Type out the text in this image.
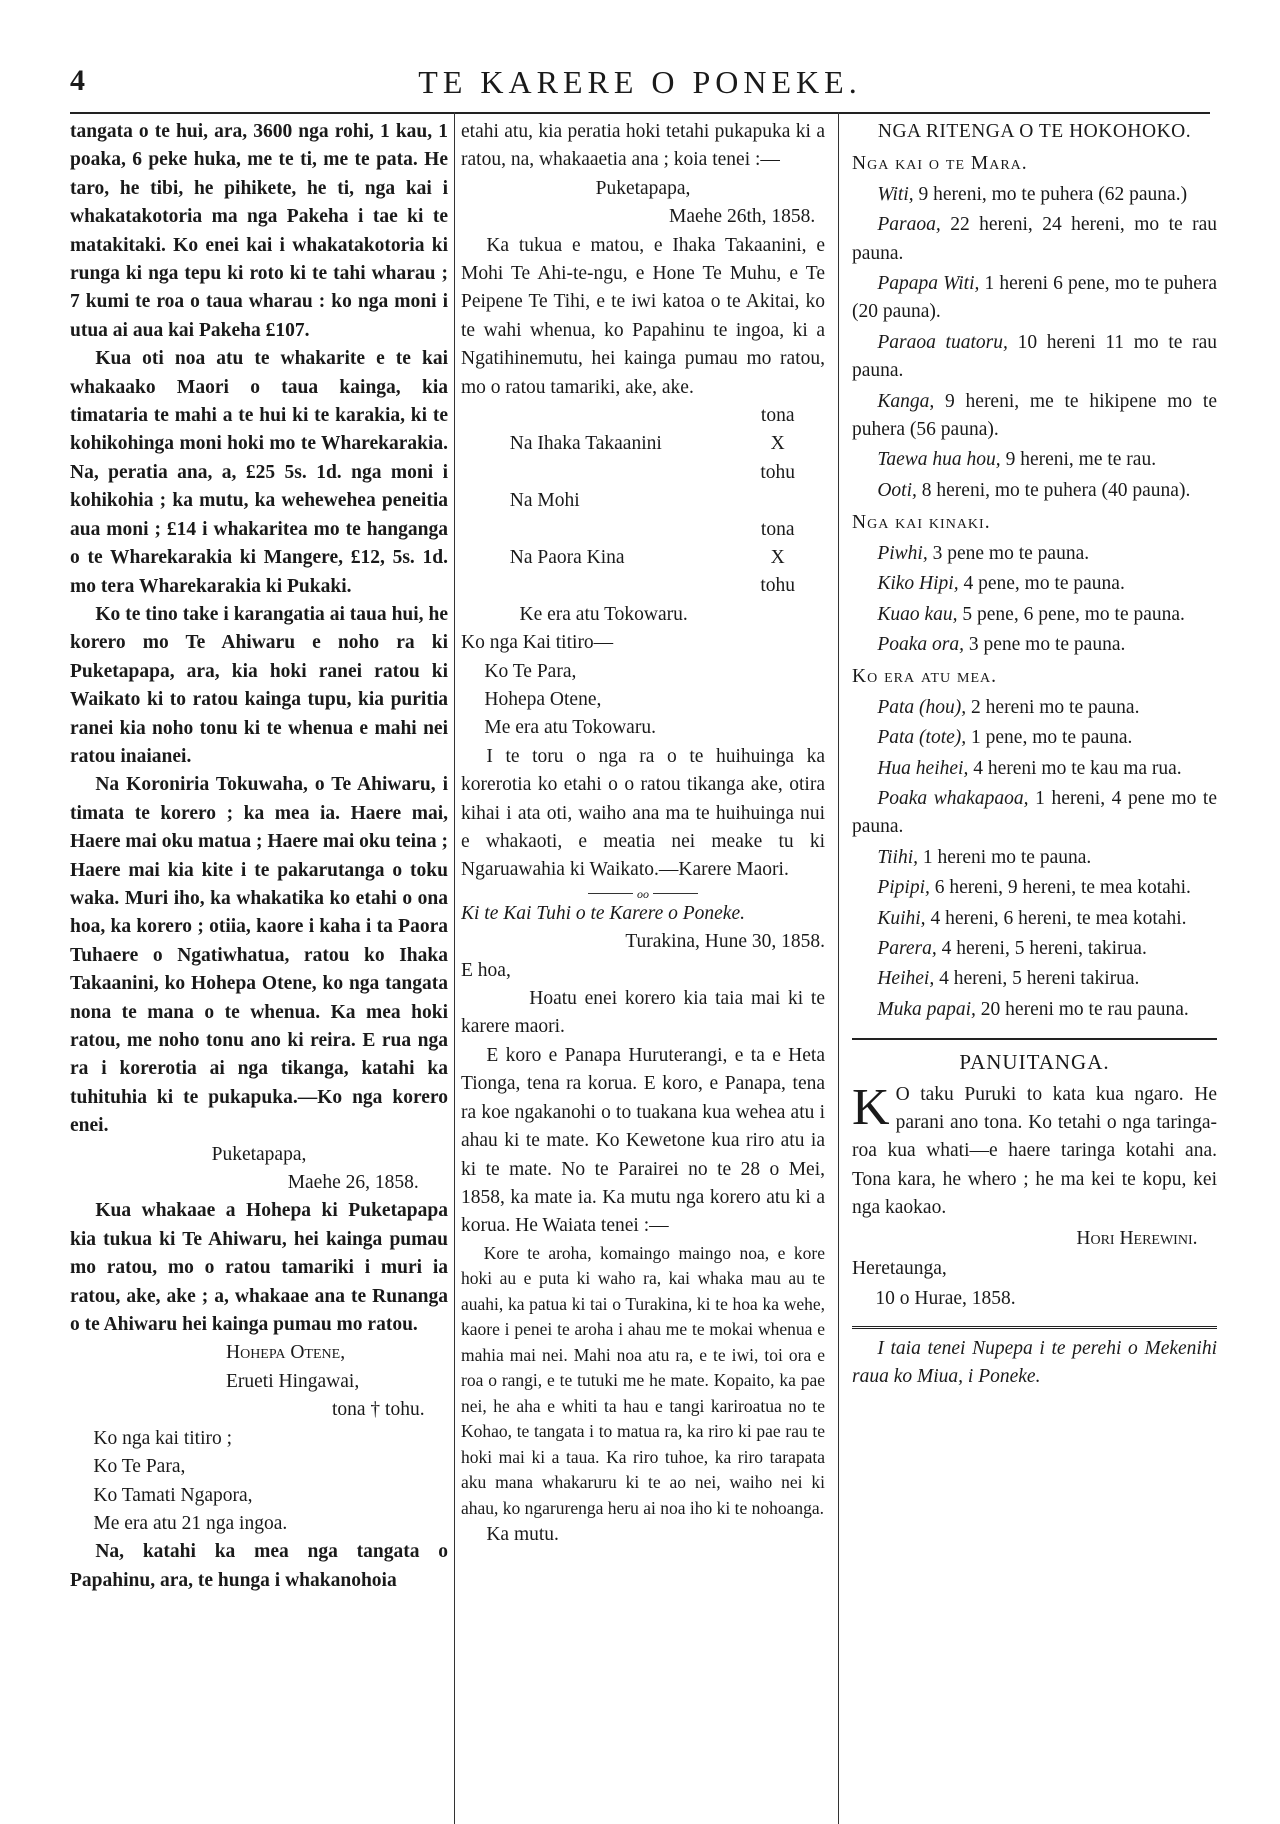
4	TE KARERE O PONEKE.

tangata o te hui, ara, 3600 nga rohi, 1 kau, 1 poaka, 6 peke huka, me te ti, me te pata. He taro, he tibi, he pihikete, he ti, nga kai i whakatakotoria ma nga Pakeha i tae ki te matakitaki. Ko enei kai i whakatakotoria ki runga ki nga tepu ki roto ki te tahi wharau ; 7 kumi te roa o taua wharau : ko nga moni i utua ai aua kai Pakeha £107.

Kua oti noa atu te whakarite e te kai whakaako Maori o taua kainga, kia timataria te mahi a te hui ki te karakia, ki te kohikohinga moni hoki mo te Wharekarakia. Na, peratia ana, a, £25 5s. 1d. nga moni i kohikohia ; ka mutu, ka wehewehea peneitia aua moni ; £14 i whakaritea mo te hanganga o te Wharekarakia ki Mangere, £12, 5s. 1d. mo tera Wharekarakia ki Pukaki.

Ko te tino take i karangatia ai taua hui, he korero mo Te Ahiwaru e noho ra ki Puketapapa, ara, kia hoki ranei ratou ki Waikato ki to ratou kainga tupu, kia puritia ranei kia noho tonu ki te whenua e mahi nei ratou inaianei.

Na Koroniria Tokuwaha, o Te Ahiwaru, i timata te korero ; ka mea ia. Haere mai, Haere mai oku matua ; Haere mai oku teina ; Haere mai kia kite i te pakarutanga o toku waka. Muri iho, ka whakatika ko etahi o ona hoa, ka korero ; otiia, kaore i kaha i ta Paora Tuhaere o Ngatiwhatua, ratou ko Ihaka Takaanini, ko Hohepa Otene, ko nga tangata nona te mana o te whenua. Ka mea hoki ratou, me noho tonu ano ki reira. E rua nga ra i korerotia ai nga tikanga, katahi ka tuhituhia ki te pukapuka.—Ko nga korero enei.

Puketapapa,

Maehe 26, 1858.

Kua whakaae a Hohepa ki Puketapapa kia tukua ki Te Ahiwaru, hei kainga pumau mo ratou, mo o ratou tamariki i muri ia ratou, ake, ake ; a, whakaae ana te Runanga o te Ahiwaru hei kainga pumau mo ratou.

Hohepa Otene,

Erueti Hingawai,

tona † tohu.

Ko nga kai titiro ;

Ko Te Para,

Ko Tamati Ngapora,

Me era atu 21 nga ingoa.

Na, katahi ka mea nga tangata o Papahinu, ara, te hunga i whakanohoia

etahi atu, kia peratia hoki tetahi pukapuka ki a ratou, na, whakaaetia ana ; koia tenei :—

Puketapapa,

Maehe 26th, 1858.

Ka tukua e matou, e Ihaka Takaanini, e Mohi Te Ahi-te-ngu, e Hone Te Muhu, e Te Peipene Te Tihi, e te iwi katoa o te Akitai, ko te wahi whenua, ko Papahinu te ingoa, ki a Ngatihinemutu, hei kainga pumau mo ratou, mo o ratou tamariki, ake, ake.

tona
Na Ihaka Takaanini	X
tohu
Na Mohi
tona
Na Paora Kina	X
tohu

Ke era atu Tokowaru.

Ko nga Kai titiro—

Ko Te Para,

Hohepa Otene,

Me era atu Tokowaru.

I te toru o nga ra o te huihuinga ka korerotia ko etahi o o ratou tikanga ake, otira kihai i ata oti, waiho ana ma te huihuinga nui e whakaoti, e meatia nei meake tu ki Ngaruawahia ki Waikato.—Karere Maori.

oo

Ki te Kai Tuhi o te Karere o Poneke.

Turakina, Hune 30, 1858.

E hoa,

Hoatu enei korero kia taia mai ki te karere maori.

E koro e Panapa Huruterangi, e ta e Heta Tionga, tena ra korua. E koro, e Panapa, tena ra koe ngakanohi o to tuakana kua wehea atu i ahau ki te mate. Ko Kewetone kua riro atu ia ki te mate. No te Parairei no te 28 o Mei, 1858, ka mate ia. Ka mutu nga korero atu ki a korua. He Waiata tenei :—

Kore te aroha, komaingo maingo noa, e kore hoki au e puta ki waho ra, kai whaka mau au te auahi, ka patua ki tai o Turakina, ki te hoa ka wehe, kaore i penei te aroha i ahau me te mokai whenua e mahia mai nei. Mahi noa atu ra, e te iwi, toi ora e roa o rangi, e te tutuki me he mate. Kopaito, ka pae nei, he aha e whiti ta hau e tangi kariroatua no te Kohao, te tangata i to matua ra, ka riro ki pae rau te hoki mai ki a taua. Ka riro tuhoe, ka riro tarapata aku mana whakaruru ki te ao nei, waiho nei ki ahau, ko ngarurenga heru ai noa iho ki te nohoanga.

Ka mutu.

NGA RITENGA O TE HOKOHOKO.

Nga kai o te Mara.

Witi, 9 hereni, mo te puhera (62 pauna.)

Paraoa, 22 hereni, 24 hereni, mo te rau pauna.

Papapa Witi, 1 hereni 6 pene, mo te puhera (20 pauna).

Paraoa tuatoru, 10 hereni 11 mo te rau pauna.

Kanga, 9 hereni, me te hikipene mo te puhera (56 pauna).

Taewa hua hou, 9 hereni, me te rau.

Ooti, 8 hereni, mo te puhera (40 pauna).

Nga kai kinaki.

Piwhi, 3 pene mo te pauna.

Kiko Hipi, 4 pene, mo te pauna.

Kuao kau, 5 pene, 6 pene, mo te pauna.

Poaka ora, 3 pene mo te pauna.

Ko era atu mea.

Pata (hou), 2 hereni mo te pauna.

Pata (tote), 1 pene, mo te pauna.

Hua heihei, 4 hereni mo te kau ma rua.

Poaka whakapaoa, 1 hereni, 4 pene mo te pauna.

Tiihi, 1 hereni mo te pauna.

Pipipi, 6 hereni, 9 hereni, te mea kotahi.

Kuihi, 4 hereni, 6 hereni, te mea kotahi.

Parera, 4 hereni, 5 hereni, takirua.

Heihei, 4 hereni, 5 hereni takirua.

Muka papai, 20 hereni mo te rau pauna.

PANUITANGA.

K O taku Puruki to kata kua ngaro. He parani ano tona. Ko tetahi o nga taringa-roa kua whati—e haere taringa kotahi ana. Tona kara, he whero ; he ma kei te kopu, kei nga kaokao.

Hori Herewini.

Heretaunga,

10 o Hurae, 1858.

I taia tenei Nupepa i te perehi o Mekenihi raua ko Miua, i Poneke.
